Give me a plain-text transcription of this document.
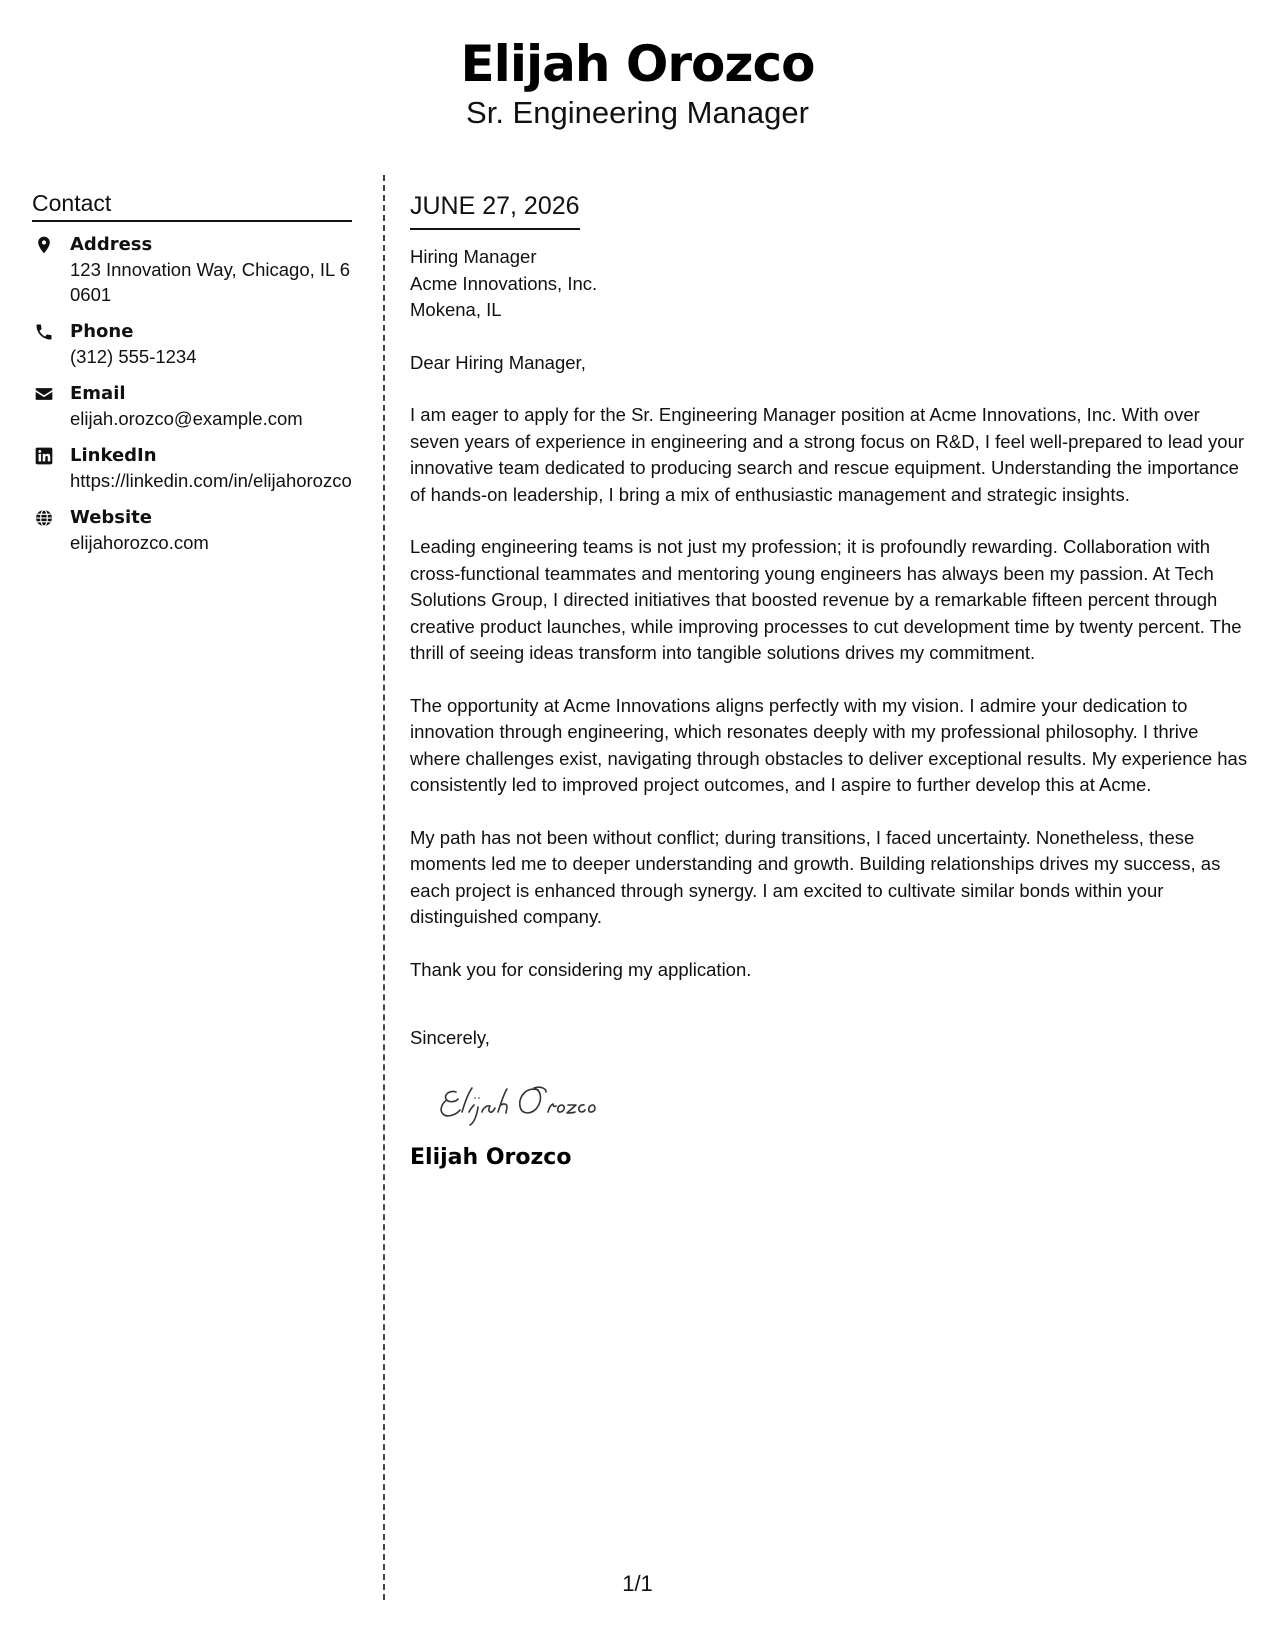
Elijah Orozco
Sr. Engineering Manager
Contact
Address
123 Innovation Way, Chicago, IL 60601
Phone
(312) 555-1234
Email
elijah.orozco@example.com
LinkedIn
https://linkedin.com/in/elijahorozco
Website
elijahorozco.com
JUNE 27, 2026
Hiring Manager
Acme Innovations, Inc.
Mokena, IL
Dear Hiring Manager,
I am eager to apply for the Sr. Engineering Manager position at Acme Innovations, Inc. With over seven years of experience in engineering and a strong focus on R&D, I feel well-prepared to lead your innovative team dedicated to producing search and rescue equipment. Understanding the importance of hands-on leadership, I bring a mix of enthusiastic management and strategic insights.
Leading engineering teams is not just my profession; it is profoundly rewarding. Collaboration with cross-functional teammates and mentoring young engineers has always been my passion. At Tech Solutions Group, I directed initiatives that boosted revenue by a remarkable fifteen percent through creative product launches, while improving processes to cut development time by twenty percent. The thrill of seeing ideas transform into tangible solutions drives my commitment.
The opportunity at Acme Innovations aligns perfectly with my vision. I admire your dedication to innovation through engineering, which resonates deeply with my professional philosophy. I thrive where challenges exist, navigating through obstacles to deliver exceptional results. My experience has consistently led to improved project outcomes, and I aspire to further develop this at Acme.
My path has not been without conflict; during transitions, I faced uncertainty. Nonetheless, these moments led me to deeper understanding and growth. Building relationships drives my success, as each project is enhanced through synergy. I am excited to cultivate similar bonds within your distinguished company.
Thank you for considering my application.
Sincerely,
Elijah Orozco
1/1
